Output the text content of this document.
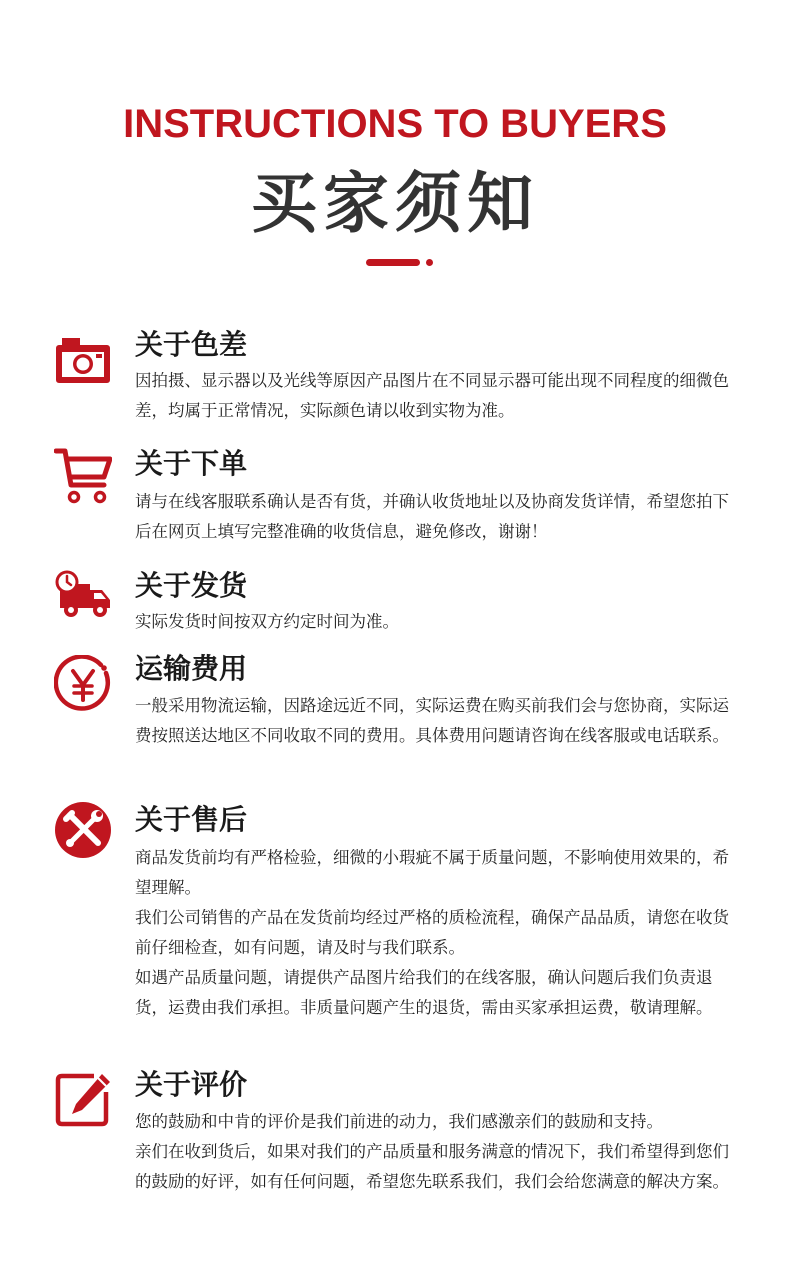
INSTRUCTIONS TO BUYERS
买家须知
关于色差

因拍摄、显示器以及光线等原因产品图片在不同显示器可能出现不同程度的细微色差，均属于正常情况，实际颜色请以收到实物为准。

关于下单

请与在线客服联系确认是否有货，并确认收货地址以及协商发货详情，希望您拍下后在网页上填写完整准确的收货信息，避免修改，谢谢！

关于发货

实际发货时间按双方约定时间为准。

运输费用

一般采用物流运输，因路途远近不同，实际运费在购买前我们会与您协商，实际运费按照送达地区不同收取不同的费用。具体费用问题请咨询在线客服或电话联系。

关于售后

商品发货前均有严格检验，细微的小瑕疵不属于质量问题，不影响使用效果的，希望理解。

我们公司销售的产品在发货前均经过严格的质检流程，确保产品品质，请您在收货前仔细检查，如有问题，请及时与我们联系。

如遇产品质量问题，请提供产品图片给我们的在线客服，确认问题后我们负责退货，运费由我们承担。非质量问题产生的退货，需由买家承担运费，敬请理解。

关于评价

您的鼓励和中肯的评价是我们前进的动力，我们感激亲们的鼓励和支持。

亲们在收到货后，如果对我们的产品质量和服务满意的情况下，我们希望得到您们的鼓励的好评，如有任何问题，希望您先联系我们，我们会给您满意的解决方案。
